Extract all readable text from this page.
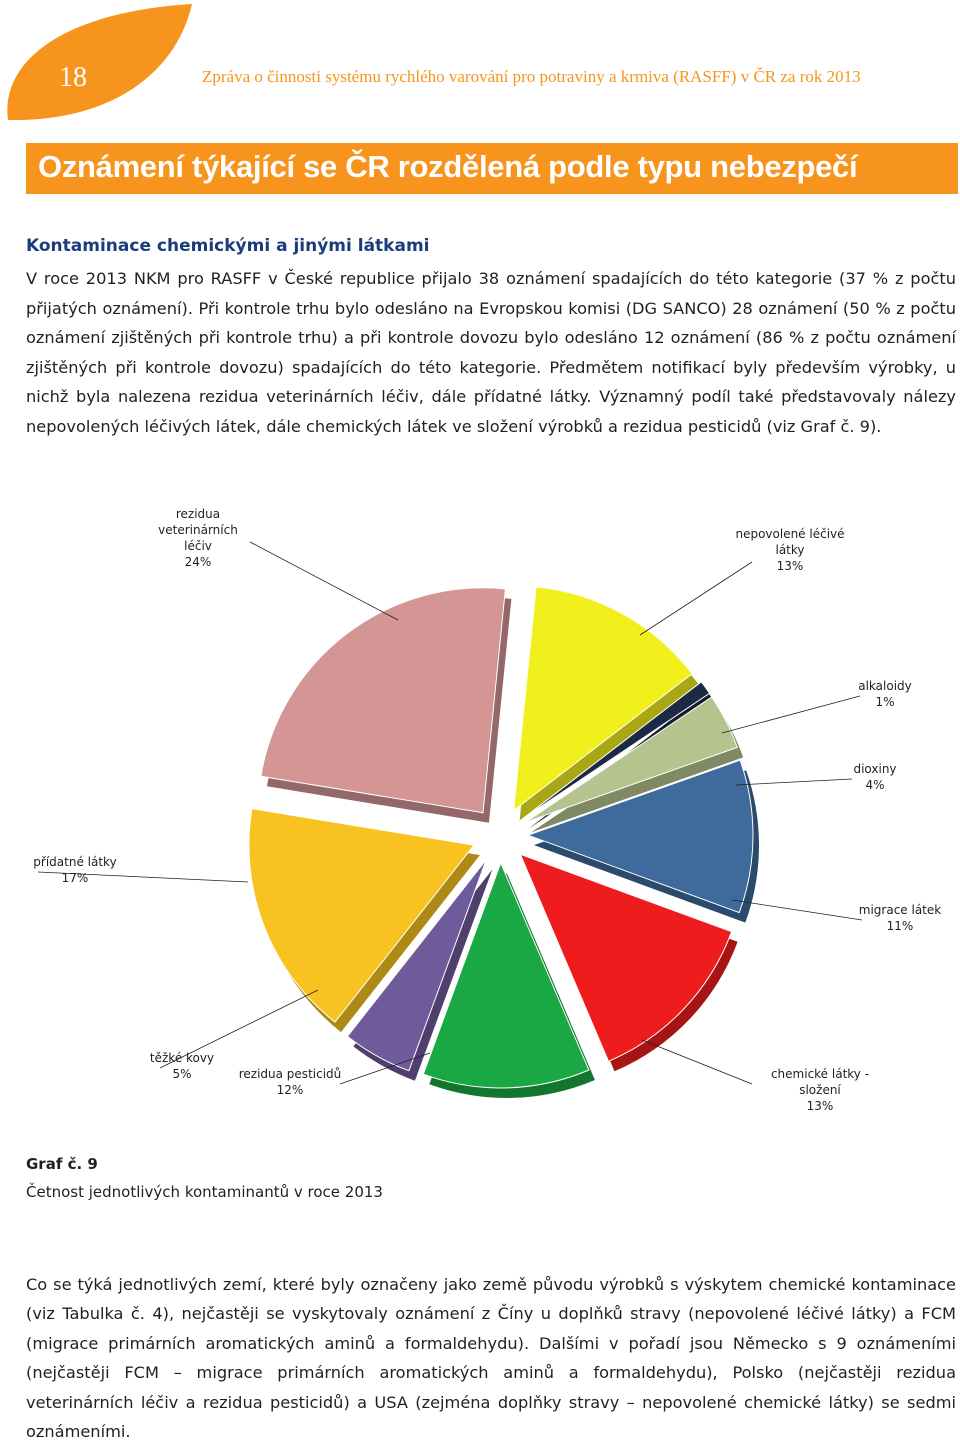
18	Zpráva o činnosti systému rychlého varování pro potraviny a krmiva (RASFF) v ČR za rok 2013
Oznámení týkající se ČR rozdělená podle typu nebezpečí
Kontaminace chemickými a jinými látkami

V roce 2013 NKM pro RASFF v České republice přijalo 38 oznámení spadajících do této kategorie (37 % z počtu přijatých oznámení). Při kontrole trhu bylo odesláno na Evropskou komisi (DG SANCO) 28 oznámení (50 % z počtu oznámení zjištěných při kontrole trhu) a při kontrole dovozu bylo odesláno 12 oznámení (86 % z počtu oznámení zjištěných při kontrole dovozu) spadajících do této kategorie. Předmětem notifikací byly především výrobky, u nichž byla nalezena rezidua veterinárních léčiv, dále přídatné látky. Významný podíl také představovaly nálezy nepovolených léčivých látek, dále chemických látek ve složení výrobků a rezidua pesticidů (viz Graf č. 9).

nepovolené léčivé látky 13%
alkaloidy 1%
dioxiny 4%
migrace látek 11%
chemické látky -složení 13%
rezidua pesticidů 12%
těžké kovy 5%
přídatné látky 17%
rezidua veterinárních léčiv 24%
Graf č. 9
Četnost jednotlivých kontaminantů v roce 2013

Co se týká jednotlivých zemí, které byly označeny jako země původu výrobků s výskytem chemické kontaminace (viz Tabulka č. 4), nejčastěji se vyskytovaly oznámení z Číny u doplňků stravy (nepovolené léčivé látky) a FCM (migrace primárních aromatických aminů a formaldehydu). Dalšími v pořadí jsou Německo s 9 oznámeními (nejčastěji FCM – migrace primárních aromatických aminů a formaldehydu), Polsko (nejčastěji rezidua veterinárních léčiv a rezidua pesticidů) a USA (zejména doplňky stravy – nepovolené chemické látky) se sedmi oznámeními.
